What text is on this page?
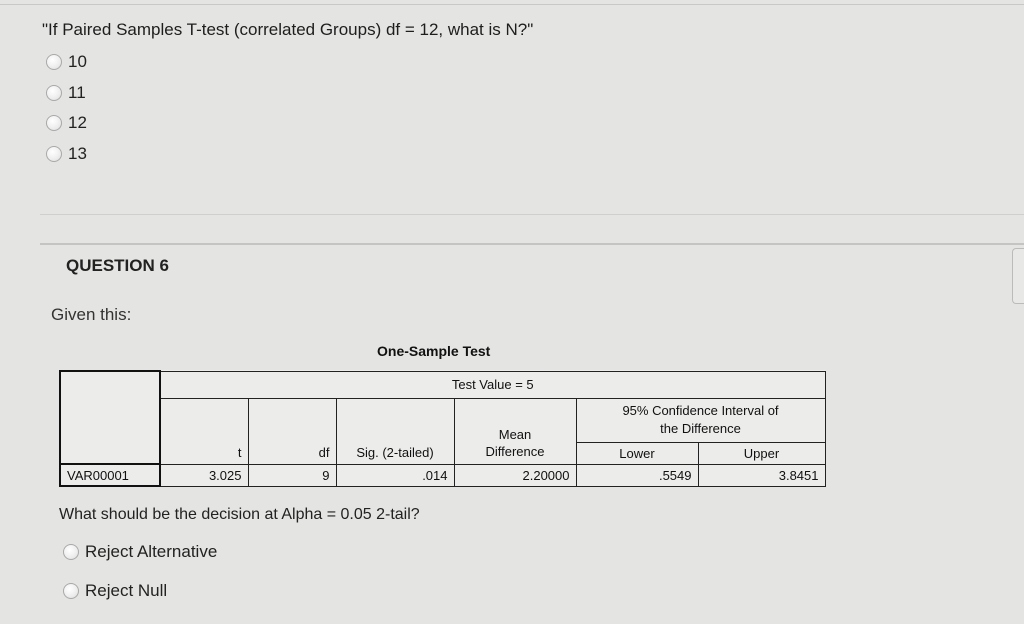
"If Paired Samples T-test (correlated Groups) df = 12, what is N?"
10
11
12
13
QUESTION 6
Given this:
One-Sample Test
	Test Value = 5					
	t	df	Sig. (2-tailed)	Mean Difference	95% Confidence Interval of the Difference	
					Lower	Upper
VAR00001	3.025	9	.014	2.20000	.5549	3.8451
What should be the decision at Alpha = 0.05 2-tail?
Reject Alternative
Reject Null
